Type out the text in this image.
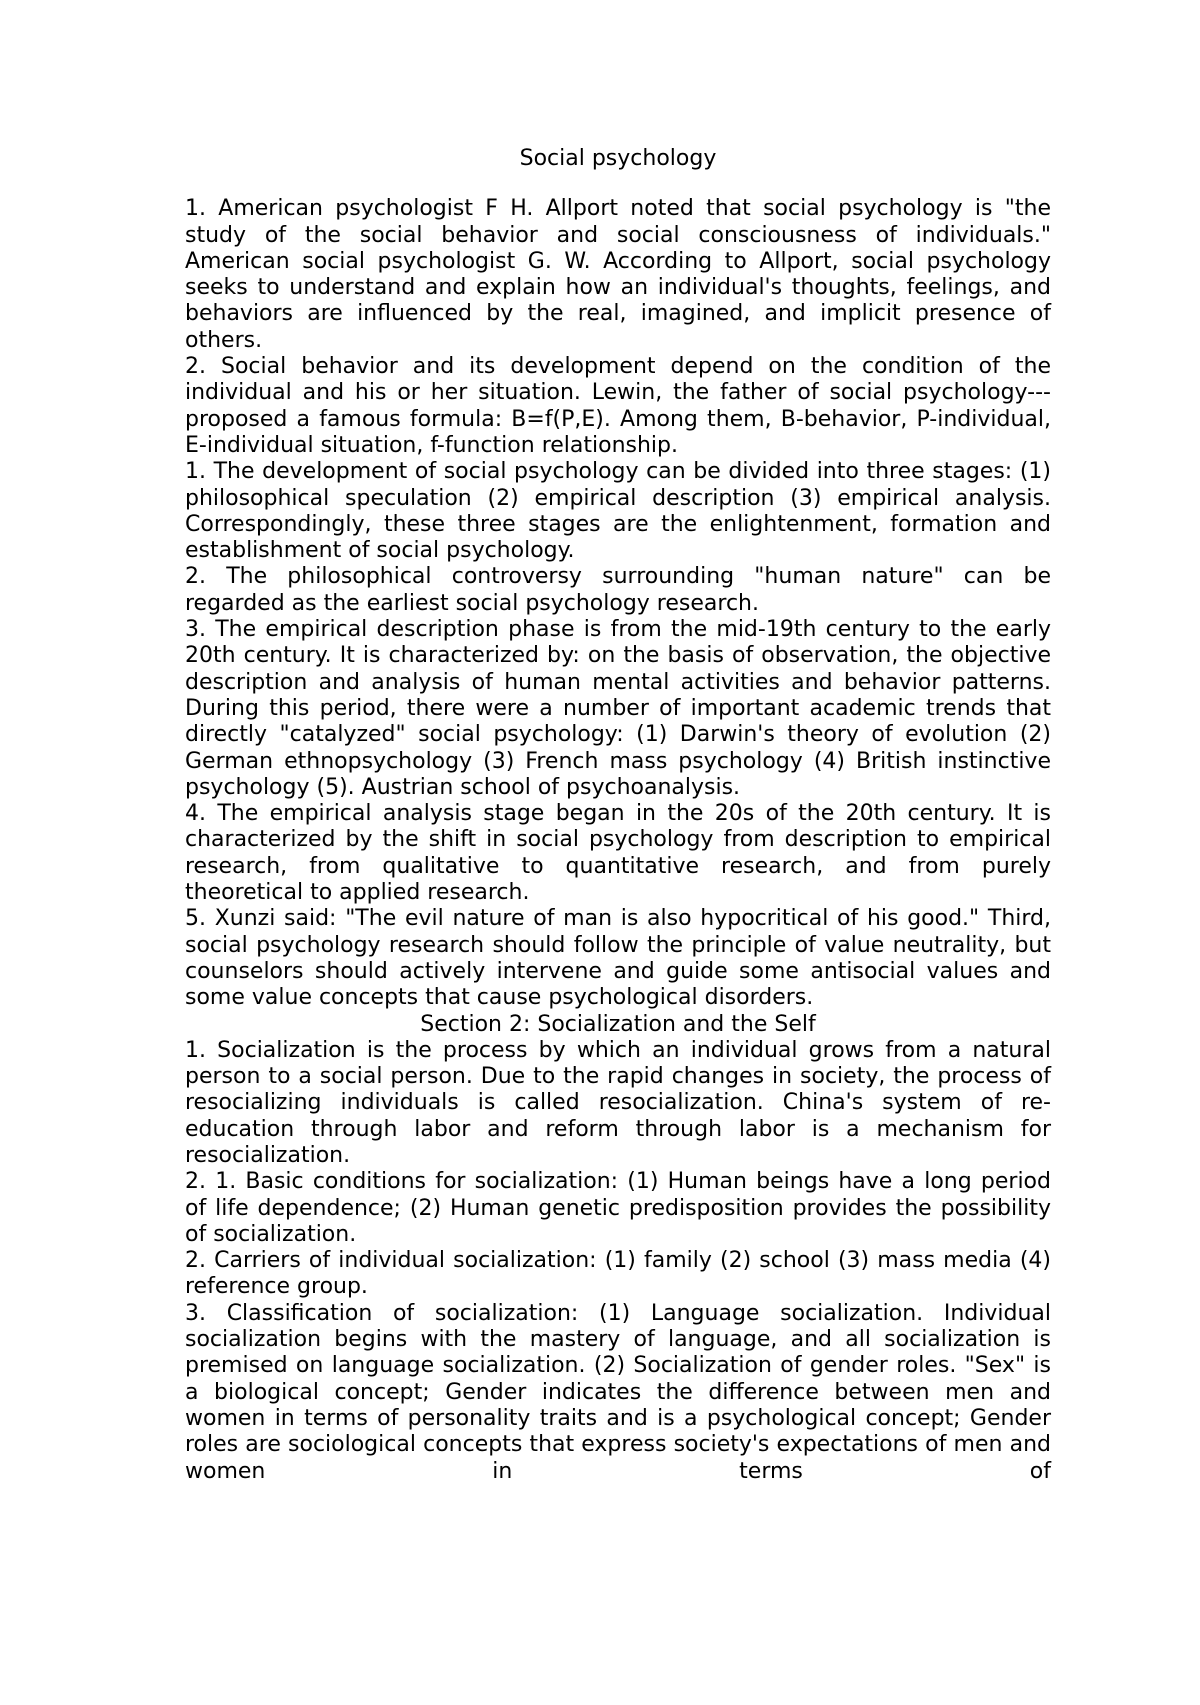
Social psychology

1. American psychologist F H. Allport noted that social psychology is "the study of the social behavior and social consciousness of individuals." American social psychologist G. W. According to Allport, social psychology seeks to understand and explain how an individual's thoughts, feelings, and behaviors are influenced by the real, imagined, and implicit presence of others.

2. Social behavior and its development depend on the condition of the individual and his or her situation. Lewin, the father of social psychology--- proposed a famous formula: B=f(P,E). Among them, B-behavior, P-individual, E-individual situation, f-function relationship.

1. The development of social psychology can be divided into three stages: (1) philosophical speculation (2) empirical description (3) empirical analysis. Correspondingly, these three stages are the enlightenment, formation and establishment of social psychology.

2. The philosophical controversy surrounding "human nature" can be regarded as the earliest social psychology research.

3. The empirical description phase is from the mid-19th century to the early 20th century. It is characterized by: on the basis of observation, the objective description and analysis of human mental activities and behavior patterns. During this period, there were a number of important academic trends that directly "catalyzed" social psychology: (1) Darwin's theory of evolution (2) German ethnopsychology (3) French mass psychology (4) British instinctive psychology (5). Austrian school of psychoanalysis.

4. The empirical analysis stage began in the 20s of the 20th century. It is characterized by the shift in social psychology from description to empirical research, from qualitative to quantitative research, and from purely theoretical to applied research.

5. Xunzi said: "The evil nature of man is also hypocritical of his good." Third, social psychology research should follow the principle of value neutrality, but counselors should actively intervene and guide some antisocial values and some value concepts that cause psychological disorders.

Section 2: Socialization and the Self

1. Socialization is the process by which an individual grows from a natural person to a social person. Due to the rapid changes in society, the process of resocializing individuals is called resocialization. China's system of re-education through labor and reform through labor is a mechanism for resocialization.

2. 1. Basic conditions for socialization: (1) Human beings have a long period of life dependence; (2) Human genetic predisposition provides the possibility of socialization.

2. Carriers of individual socialization: (1) family (2) school (3) mass media (4) reference group.

3. Classification of socialization: (1) Language socialization. Individual socialization begins with the mastery of language, and all socialization is premised on language socialization. (2) Socialization of gender roles. "Sex" is a biological concept; Gender indicates the difference between men and women in terms of personality traits and is a psychological concept; Gender roles are sociological concepts that express society's expectations of men and women in terms of
